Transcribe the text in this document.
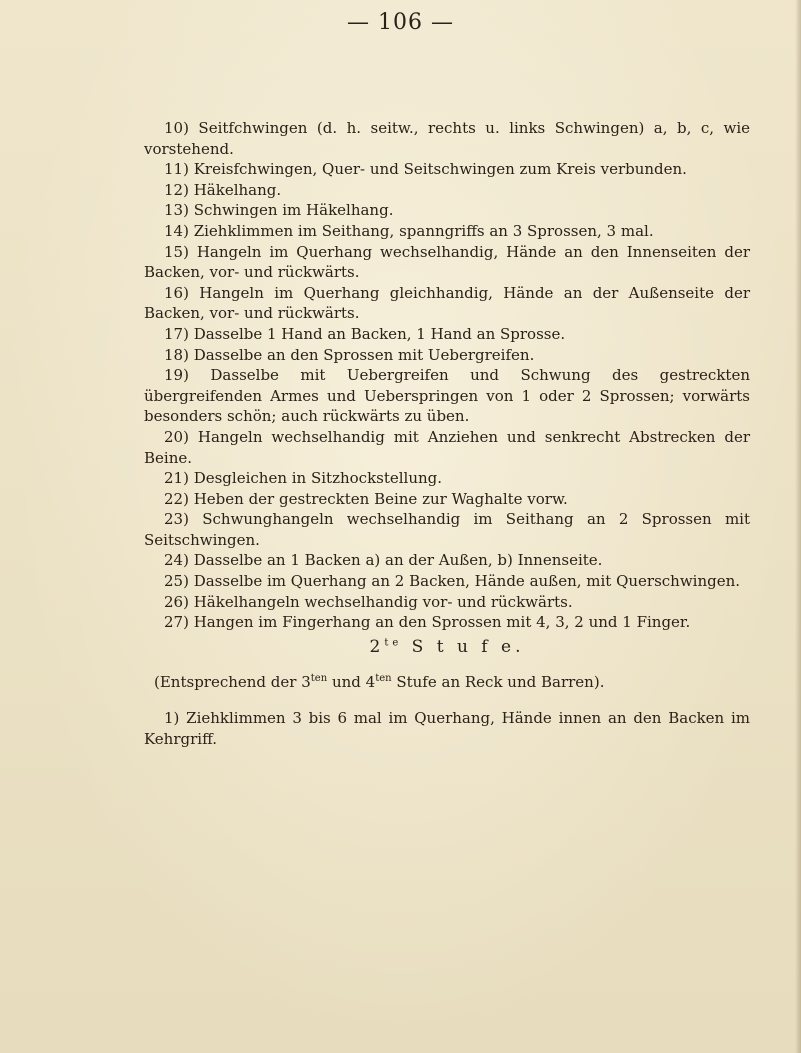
— 106 —

10) Seitfchwingen (d. h. seitw., rechts u. links Schwingen) a, b, c, wie vorstehend.

11) Kreisfchwingen, Quer- und Seitschwingen zum Kreis verbunden.

12) Häkelhang.

13) Schwingen im Häkelhang.

14) Ziehklimmen im Seithang, spanngriffs an 3 Sprossen, 3 mal.

15) Hangeln im Querhang wechselhandig, Hände an den Innenseiten der Backen, vor- und rückwärts.

16) Hangeln im Querhang gleichhandig, Hände an der Außenseite der Backen, vor- und rückwärts.

17) Dasselbe 1 Hand an Backen, 1 Hand an Sprosse.

18) Dasselbe an den Sprossen mit Uebergreifen.

19) Dasselbe mit Uebergreifen und Schwung des gestreckten übergreifenden Armes und Ueberspringen von 1 oder 2 Sprossen; vorwärts besonders schön; auch rückwärts zu üben.

20) Hangeln wechselhandig mit Anziehen und senkrecht Abstrecken der Beine.

21) Desgleichen in Sitzhockstellung.

22) Heben der gestreckten Beine zur Waghalte vorw.

23) Schwunghangeln wechselhandig im Seithang an 2 Sprossen mit Seitschwingen.

24) Dasselbe an 1 Backen a) an der Außen, b) Innenseite.

25) Dasselbe im Querhang an 2 Backen, Hände außen, mit Querschwingen.

26) Häkelhangeln wechselhandig vor- und rückwärts.

27) Hangen im Fingerhang an den Sprossen mit 4, 3, 2 und 1 Finger.

$2^{te}$ S t u f e.

(Entsprechend der $3^{ten}$ und $4^{ten}$ Stufe an Reck und Barren).

1) Ziehklimmen 3 bis 6 mal im Querhang, Hände innen an den Backen im Kehrgriff.
